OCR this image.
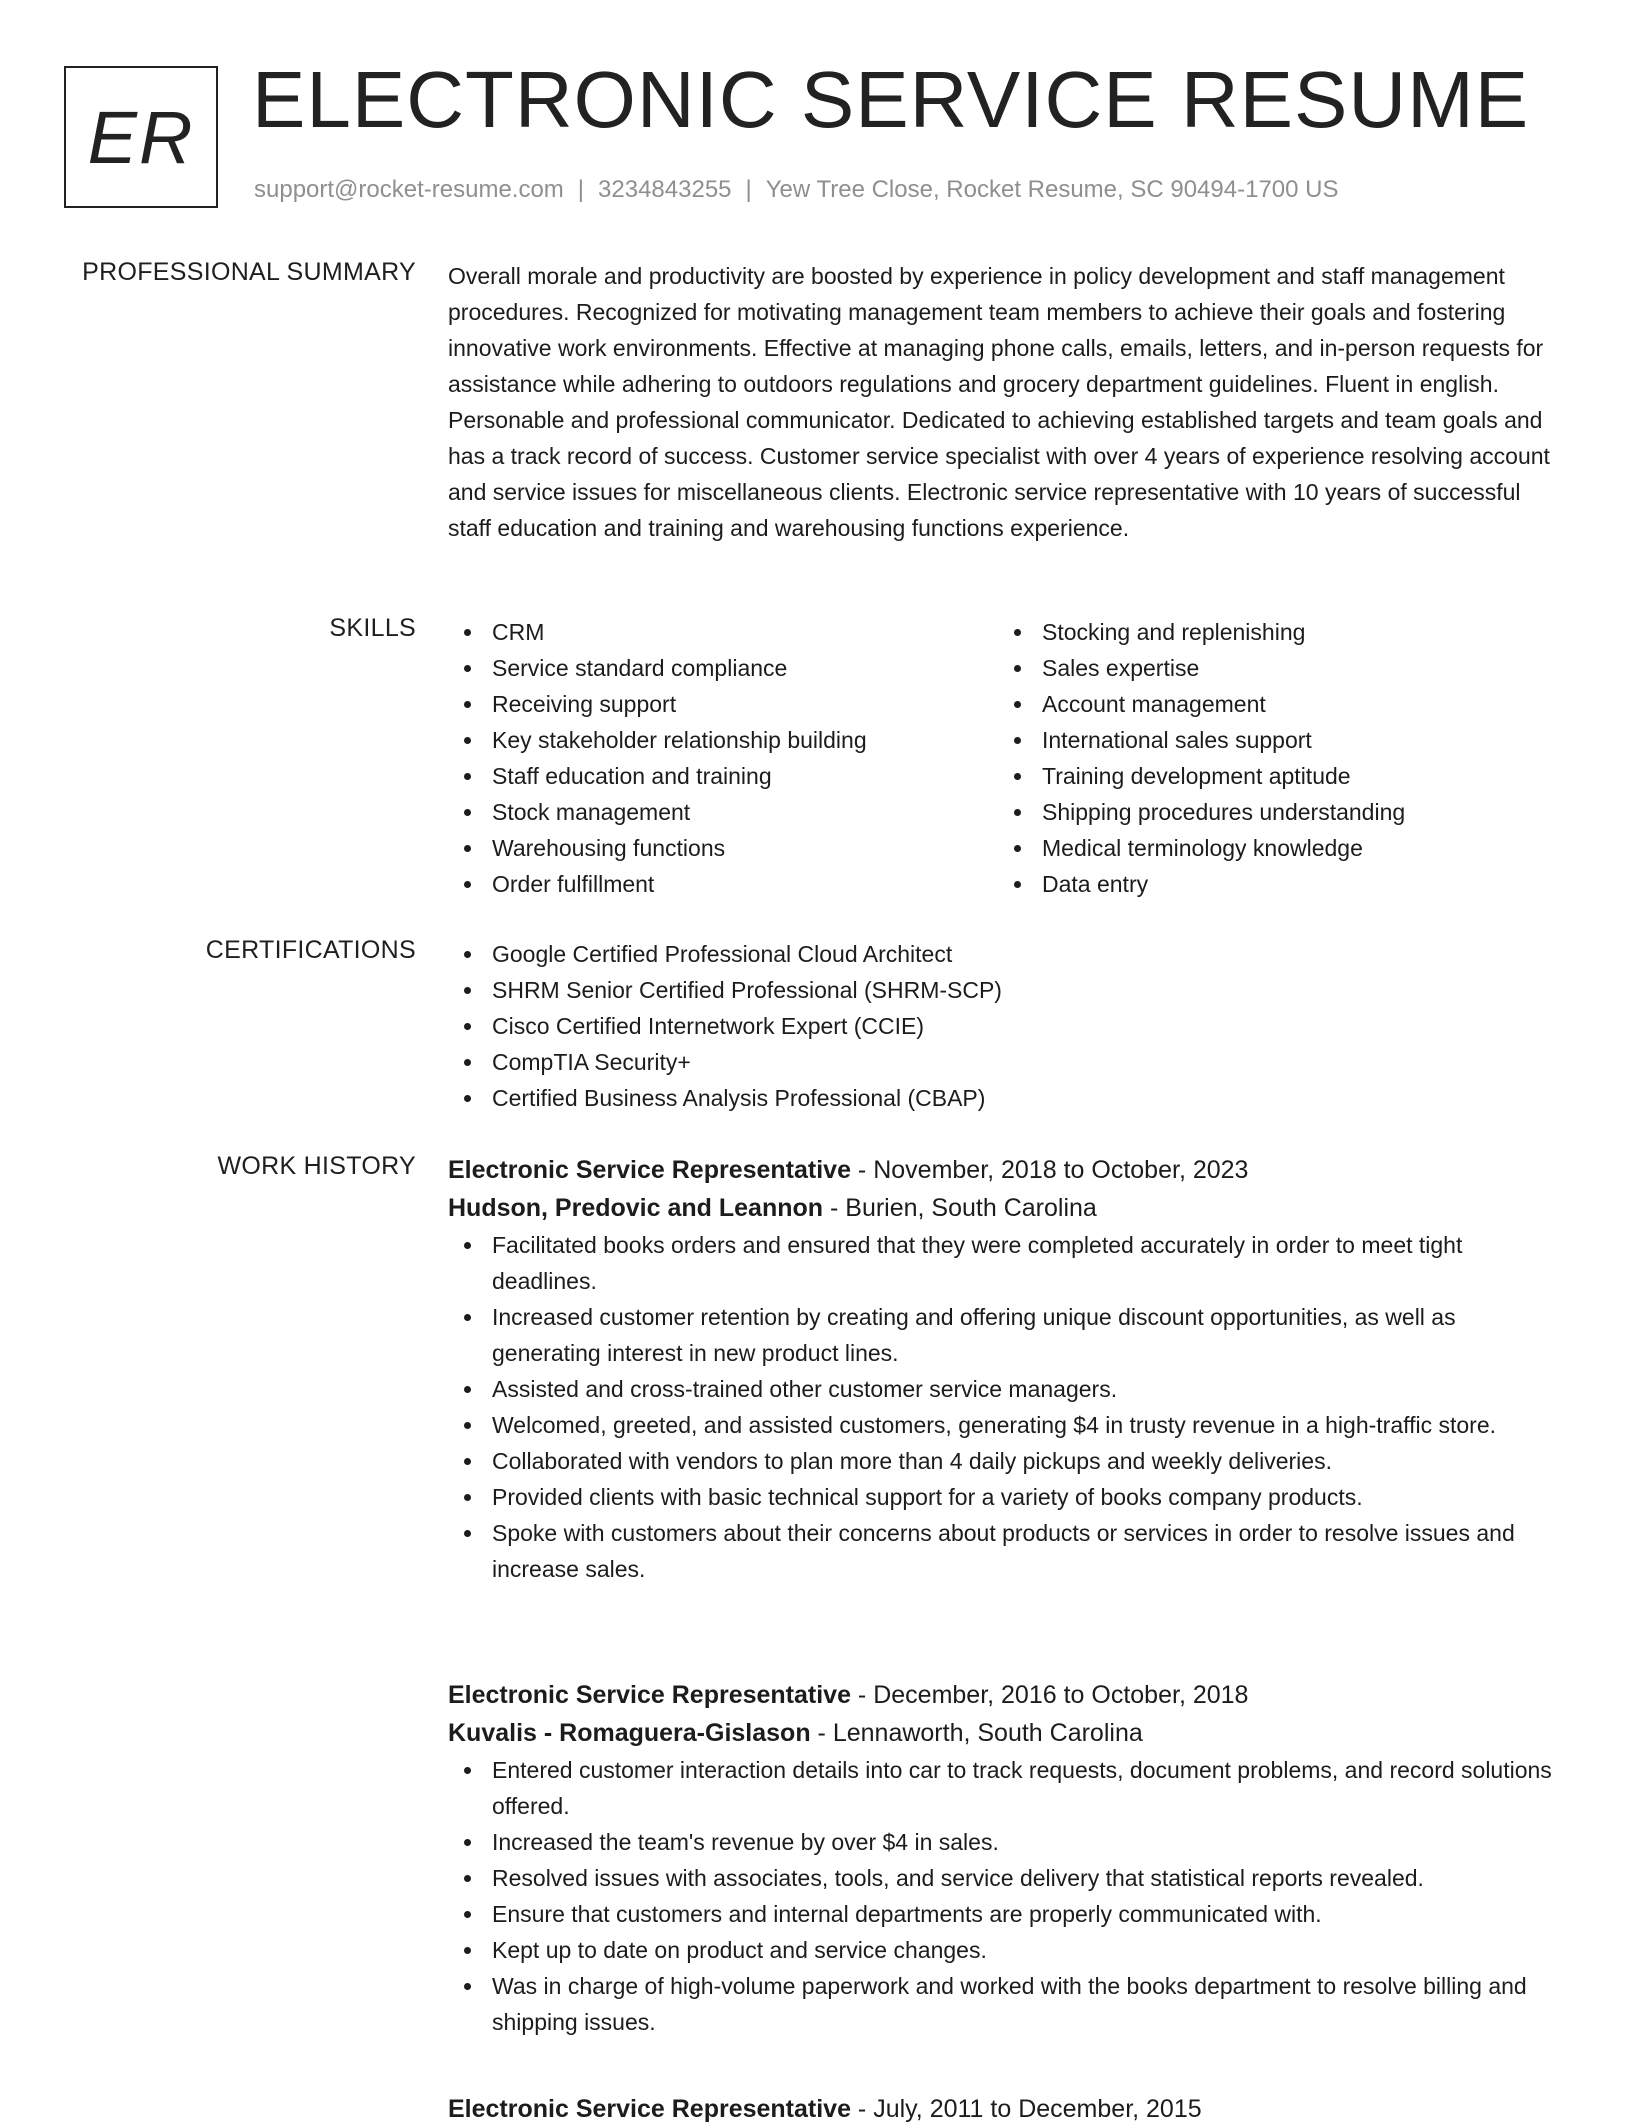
ER ELECTRONIC SERVICE RESUME
support@rocket-resume.com | 3234843255 | Yew Tree Close, Rocket Resume, SC 90494-1700 US
PROFESSIONAL SUMMARY Overall morale and productivity are boosted by experience in policy development and staff management procedures. Recognized for motivating management team members to achieve their goals and fostering innovative work environments. Effective at managing phone calls, emails, letters, and in-person requests for assistance while adhering to outdoors regulations and grocery department guidelines. Fluent in english. Personable and professional communicator. Dedicated to achieving established targets and team goals and has a track record of success. Customer service specialist with over 4 years of experience resolving account and service issues for miscellaneous clients. Electronic service representative with 10 years of successful staff education and training and warehousing functions experience.

SKILLS	CRM
Service standard compliance
Receiving support
Key stakeholder relationship building
Staff education and training
Stock management
Warehousing functions
Order fulfillment
Stocking and replenishing
Sales expertise
Account management
International sales support
Training development aptitude
Shipping procedures understanding
Medical terminology knowledge
Data entry
CERTIFICATIONS	Google Certified Professional Cloud Architect
SHRM Senior Certified Professional (SHRM-SCP)
Cisco Certified Internetwork Expert (CCIE)
CompTIA Security+
Certified Business Analysis Professional (CBAP)
WORK HISTORY Electronic Service Representative - November, 2018 to October, 2023
Hudson, Predovic and Leannon - Burien, South Carolina
Facilitated books orders and ensured that they were completed accurately in order to meet tight deadlines.
Increased customer retention by creating and offering unique discount opportunities, as well as generating interest in new product lines.
Assisted and cross-trained other customer service managers.
Welcomed, greeted, and assisted customers, generating $4 in trusty revenue in a high-traffic store.
Collaborated with vendors to plan more than 4 daily pickups and weekly deliveries.
Provided clients with basic technical support for a variety of books company products.
Spoke with customers about their concerns about products or services in order to resolve issues and increase sales.
Electronic Service Representative - December, 2016 to October, 2018
Kuvalis - Romaguera-Gislason - Lennaworth, South Carolina
Entered customer interaction details into car to track requests, document problems, and record solutions offered.
Increased the team's revenue by over $4 in sales.
Resolved issues with associates, tools, and service delivery that statistical reports revealed.
Ensure that customers and internal departments are properly communicated with.
Kept up to date on product and service changes.
Was in charge of high-volume paperwork and worked with the books department to resolve billing and shipping issues.
Electronic Service Representative - July, 2011 to December, 2015
